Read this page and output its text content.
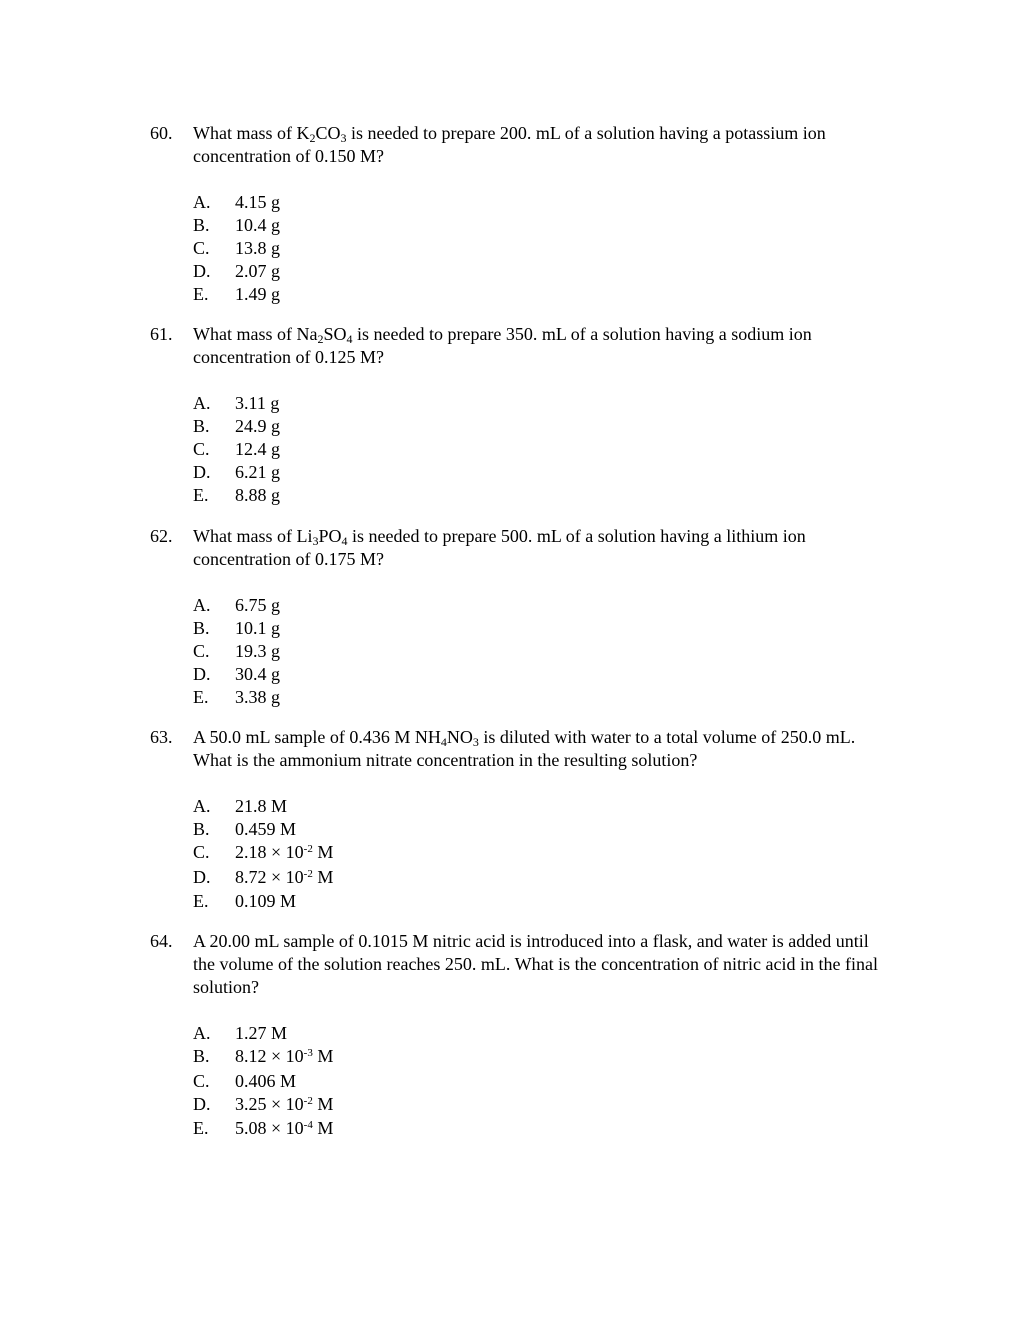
60.	What mass of $K_2CO_3$ is needed to prepare 200. mL of a solution having a potassium ion concentration of 0.150 M?
A. 4.15 g
B. 10.4 g
C. 13.8 g
D. 2.07 g
E. 1.49 g
61.	What mass of $Na_2SO_4$ is needed to prepare 350. mL of a solution having a sodium ion concentration of 0.125 M?
A. 3.11 g
B. 24.9 g
C. 12.4 g
D. 6.21 g
E. 8.88 g
62.	What mass of $Li_3PO_4$ is needed to prepare 500. mL of a solution having a lithium ion concentration of 0.175 M?
A. 6.75 g
B. 10.1 g
C. 19.3 g
D. 30.4 g
E. 3.38 g
63.	A 50.0 mL sample of 0.436 M $NH_4NO_3$ is diluted with water to a total volume of 250.0 mL. What is the ammonium nitrate concentration in the resulting solution?
A. 21.8 M
B. 0.459 M
C. $2.18 \times 10^{-2}$ M
D. $8.72 \times 10^{-2}$ M
E. 0.109 M
64.	A 20.00 mL sample of 0.1015 M nitric acid is introduced into a flask, and water is added until the volume of the solution reaches 250. mL. What is the concentration of nitric acid in the final solution?
A. 1.27 M
B. $8.12 \times 10^{-3}$ M
C. 0.406 M
D. $3.25 \times 10^{-2}$ M
E. $5.08 \times 10^{-4}$ M
